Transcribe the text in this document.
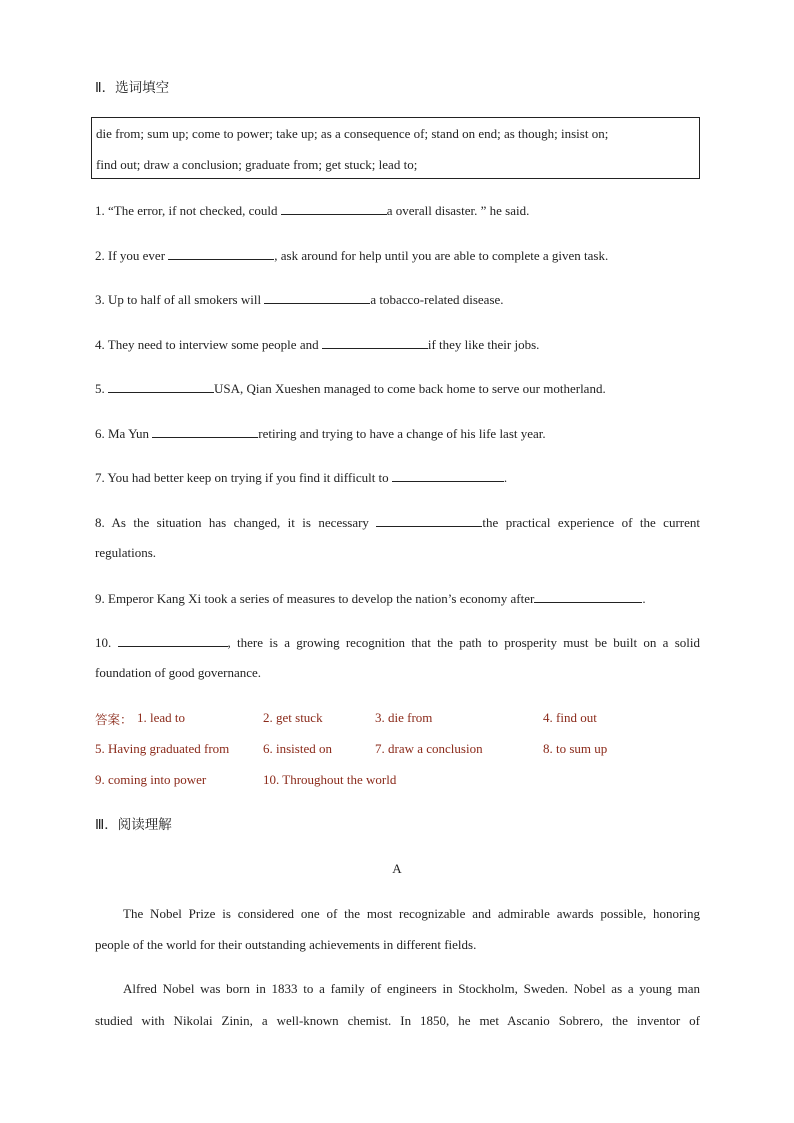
Ⅱ．选词填空
die from; sum up; come to power; take up; as a consequence of; stand on end; as though; insist on;
find out; draw a conclusion; graduate from; get stuck; lead to;
1. “The error, if not checked, could	a overall disaster. ” he said.
2. If you ever	, ask around for help until you are able to complete a given task.
3. Up to half of all smokers will	a tobacco-related disease.
4. They need to interview some people and	if they like their jobs.
5.	USA, Qian Xueshen managed to come back home to serve our motherland.
6. Ma Yun	retiring and trying to have a change of his life last year.
7. You had better keep on trying if you find it difficult to	.
8. As the situation has changed, it is necessary	the practical experience of the current
regulations.
9. Emperor Kang Xi took a series of measures to develop the nation’s economy after	.
10.	, there is a growing recognition that the path to prosperity must be built on a solid
foundation of good governance.
答案： 1. lead to	2. get stuck	3. die from	4. find out
5. Having graduated from	6. insisted on	7. draw a conclusion	8. to sum up
9. coming into power	10. Throughout the world
Ⅲ．阅读理解
A
The Nobel Prize is considered one of the most recognizable and admirable awards possible, honoring
people of the world for their outstanding achievements in different fields.
Alfred Nobel was born in 1833 to a family of engineers in Stockholm, Sweden. Nobel as a young man
studied with Nikolai Zinin, a well-known chemist. In 1850, he met Ascanio Sobrero, the inventor of
